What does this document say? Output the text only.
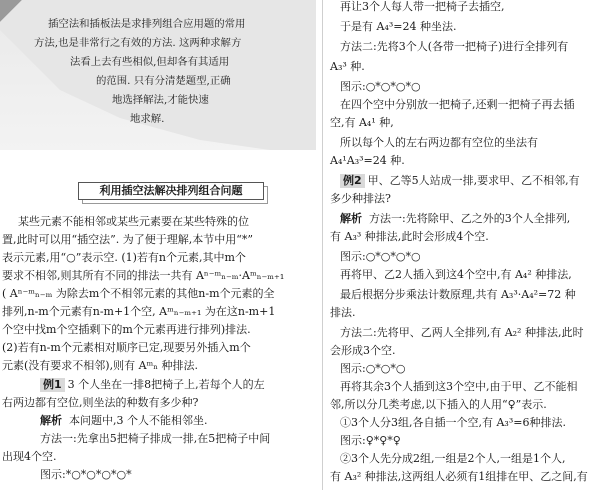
插空法和插板法是求排列组合应用题的常用
方法,也是非常行之有效的方法. 这两种求解方
法看上去有些相似,但却各有其适用
的范围. 只有分清楚题型,正确
地选择解法,才能快速
地求解.
利用插空法解决排列组合问题
某些元素不能相邻或某些元素要在某些特殊的位
置,此时可以用“插空法”. 为了便于理解,本节中用“*”
表示元素,用“○”表示空. (1)若有n个元素,其中m个
要求不相邻,则其所有不同的排法一共有 Aⁿ⁻ᵐₙ₋ₘ·Aᵐₙ₋ₘ₊₁
( Aⁿ⁻ᵐₙ₋ₘ 为除去m个不相邻元素的其他n-m个元素的全
排列,n-m个元素有n-m+1个空, Aᵐₙ₋ₘ₊₁ 为在这n-m+1
个空中找m个空插剩下的m个元素再进行排列)排法.
(2)若有n-m个元素相对顺序已定,现要另外插入m个
元素(没有要求不相邻),则有 Aᵐₙ 种排法.
例1 3 个人坐在一排8把椅子上,若每个人的左
右两边都有空位,则坐法的种数有多少种?
解析 本问题中,3 个人不能相邻坐.
方法一:先拿出5把椅子排成一排,在5把椅子中间
出现4个空.
图示:*○*○*○*○*
再让3个人每人带一把椅子去插空,
于是有 A₄³=24 种坐法.
方法二:先将3个人(各带一把椅子)进行全排列有
A₃³ 种.
图示:○*○*○*○
在四个空中分别放一把椅子,还剩一把椅子再去插
空,有 A₄¹ 种,
所以每个人的左右两边都有空位的坐法有
A₄¹A₃³=24 种.
例2 甲、乙等5人站成一排,要求甲、乙不相邻,有
多少种排法?
解析 方法一:先将除甲、乙之外的3个人全排列,
有 A₃³ 种排法,此时会形成4个空.
图示:○*○*○*○
再将甲、乙2人插入到这4个空中,有 A₄² 种排法,
最后根据分步乘法计数原理,共有 A₃³·A₄²=72 种
排法.
方法二:先将甲、乙两人全排列,有 A₂² 种排法,此时
会形成3个空.
图示:○*○*○
再将其余3个人插到这3个空中,由于甲、乙不能相
邻,所以分几类考虑,以下插入的人用“♀”表示.
①3个人分3组,各自插一个空,有 A₃³=6种排法.
图示:♀*♀*♀
②3个人先分成2组,一组是2个人,一组是1个人,
有 A₃² 种排法,这两组人必须有1组排在甲、乙之间,有
